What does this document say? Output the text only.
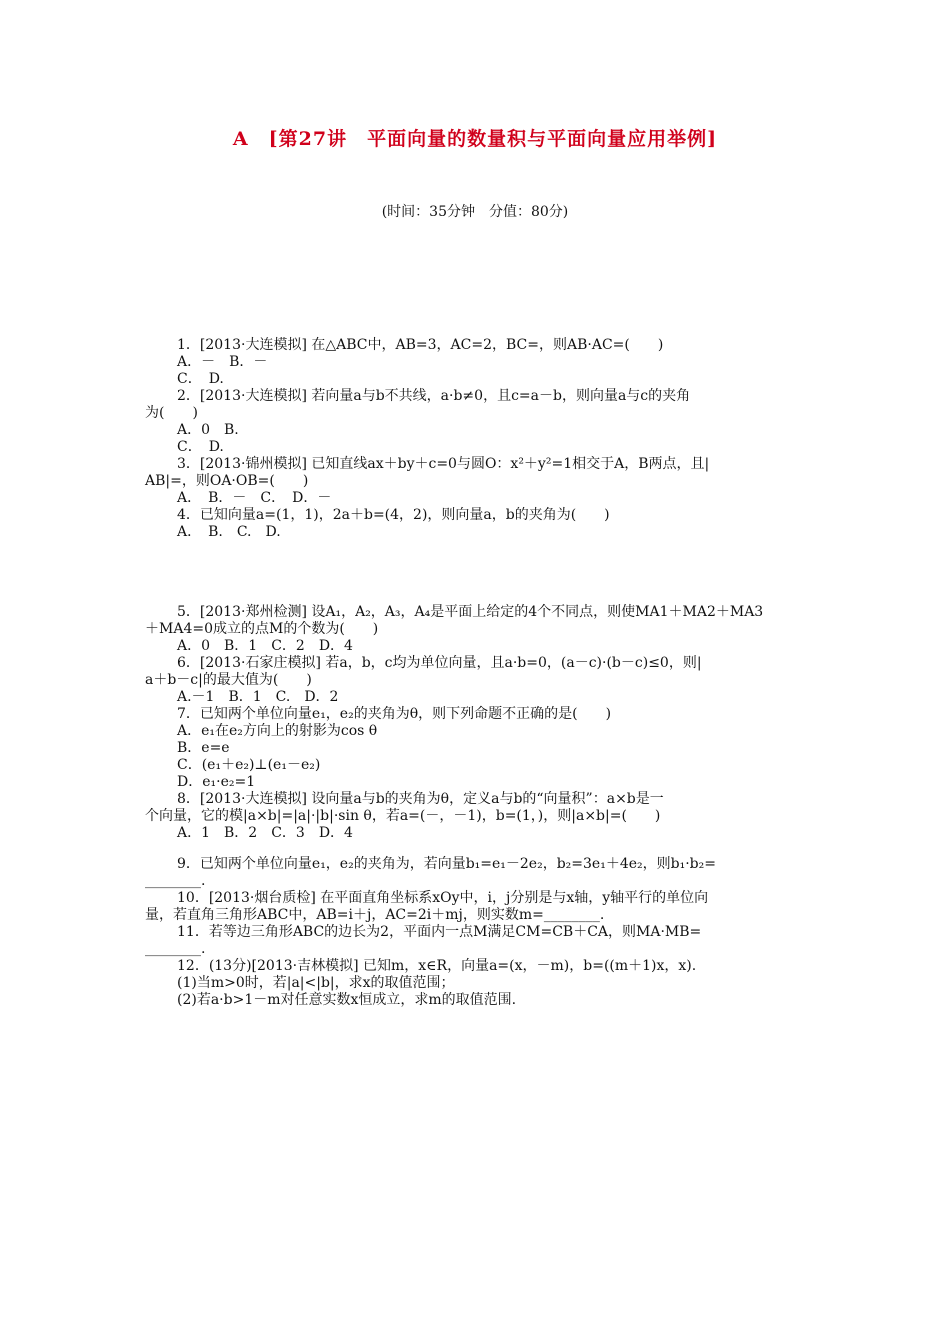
A　[第27讲　平面向量的数量积与平面向量应用举例]
(时间：35分钟　分值：80分)
1．[2013·大连模拟] 在△ABC中，AB=3，AC=2，BC=，则AB·AC=(　　)
A．－　B．－
C．　D.
2．[2013·大连模拟] 若向量a与b不共线，a·b≠0，且c=a－b，则向量a与c的夹角
为(　　)
A．0　B.
C．　D.
3．[2013·锦州模拟] 已知直线ax＋by＋c=0与圆O：x²＋y²=1相交于A，B两点，且|
AB|=，则OA·OB=(　　)
A．　B．－　C．　D．－
4．已知向量a=(1，1)，2a＋b=(4，2)，则向量a，b的夹角为(　　)
A．　B.　C.　D.
5．[2013·郑州检测] 设A₁，A₂，A₃，A₄是平面上给定的4个不同点，则使MA1＋MA2＋MA3
＋MA4=0成立的点M的个数为(　　)
A．0　B．1　C．2　D．4
6．[2013·石家庄模拟] 若a，b，c均为单位向量，且a·b=0，(a－c)·(b－c)≤0，则|
a＋b－c|的最大值为(　　)
A.－1　B．1　C.　D．2
7．已知两个单位向量e₁，e₂的夹角为θ，则下列命题不正确的是(　　)
A．e₁在e₂方向上的射影为cos θ
B．e=e
C．(e₁＋e₂)⊥(e₁－e₂)
D．e₁·e₂=1
8．[2013·大连模拟] 设向量a与b的夹角为θ，定义a与b的“向量积”：a×b是一
个向量，它的模|a×b|=|a|·|b|·sin θ，若a=(－，－1)，b=(1，)，则|a×b|=(　　)
A．1　B．2　C．3　D．4
9．已知两个单位向量e₁，e₂的夹角为，若向量b₁=e₁－2e₂，b₂=3e₁＋4e₂，则b₁·b₂=
________.
10．[2013·烟台质检] 在平面直角坐标系xOy中，i，j分别是与x轴，y轴平行的单位向
量，若直角三角形ABC中，AB=i＋j，AC=2i＋mj，则实数m=________.
11．若等边三角形ABC的边长为2，平面内一点M满足CM=CB＋CA，则MA·MB=
________.
12．(13分)[2013·吉林模拟] 已知m，x∈R，向量a=(x，－m)，b=((m＋1)x，x).
(1)当m>0时，若|a|<|b|，求x的取值范围；
(2)若a·b>1－m对任意实数x恒成立，求m的取值范围.
